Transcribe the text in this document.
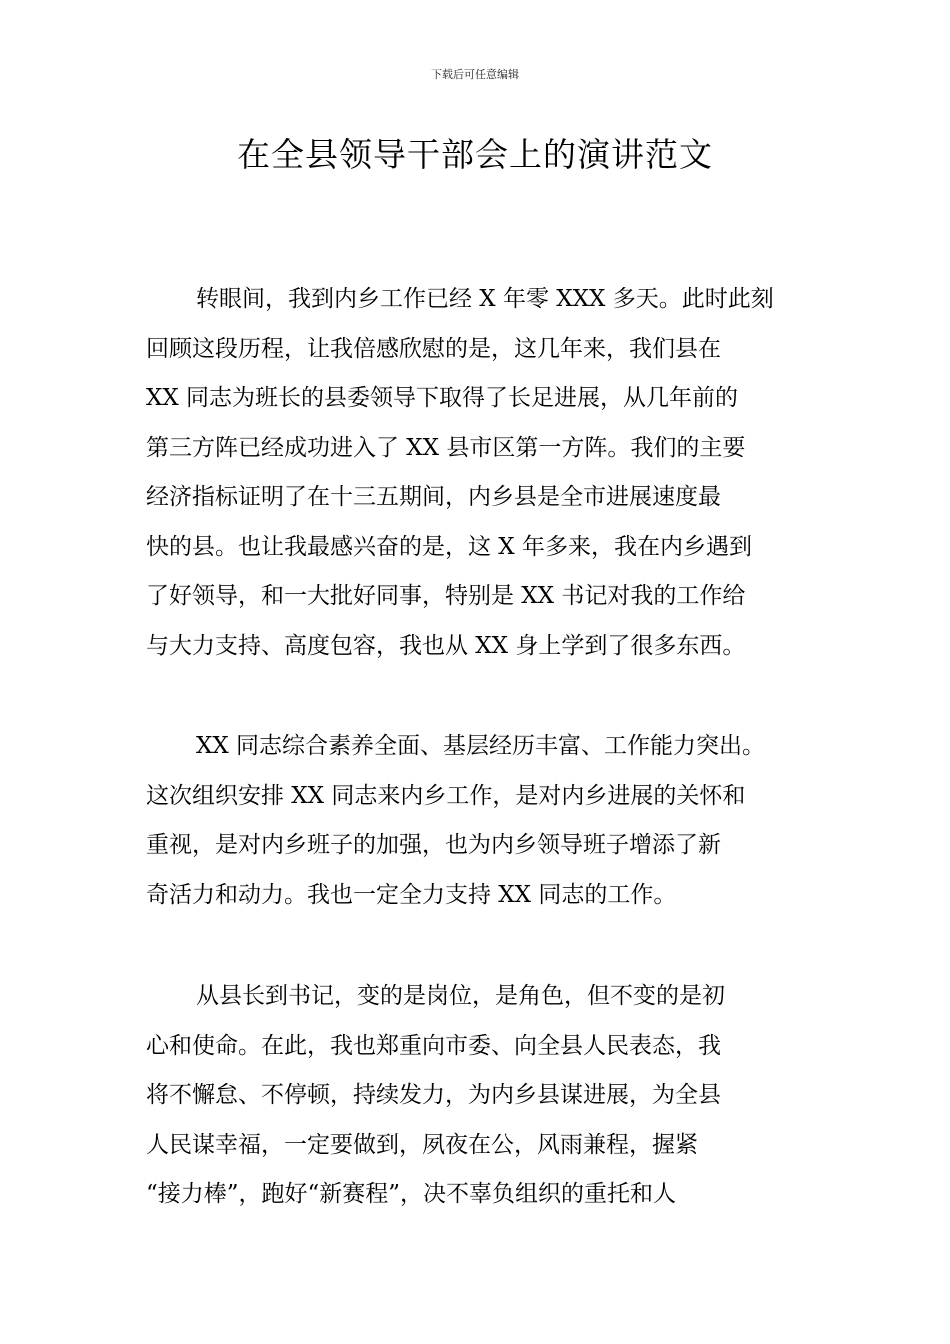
下载后可任意编辑
在全县领导干部会上的演讲范文
转眼间，我到内乡工作已经 X 年零 XXX 多天。此时此刻
回顾这段历程，让我倍感欣慰的是，这几年来，我们县在
XX 同志为班长的县委领导下取得了长足进展，从几年前的
第三方阵已经成功进入了 XX 县市区第一方阵。我们的主要
经济指标证明了在十三五期间，内乡县是全市进展速度最
快的县。也让我最感兴奋的是，这 X 年多来，我在内乡遇到
了好领导，和一大批好同事，特别是 XX 书记对我的工作给
与大力支持、高度包容，我也从 XX 身上学到了很多东西。
XX 同志综合素养全面、基层经历丰富、工作能力突出。
这次组织安排 XX 同志来内乡工作，是对内乡进展的关怀和
重视，是对内乡班子的加强，也为内乡领导班子增添了新
奇活力和动力。我也一定全力支持 XX 同志的工作。
从县长到书记，变的是岗位，是角色，但不变的是初
心和使命。在此，我也郑重向市委、向全县人民表态，我
将不懈怠、不停顿，持续发力，为内乡县谋进展，为全县
人民谋幸福，一定要做到，夙夜在公，风雨兼程，握紧
“接力棒”，跑好“新赛程”，决不辜负组织的重托和人
